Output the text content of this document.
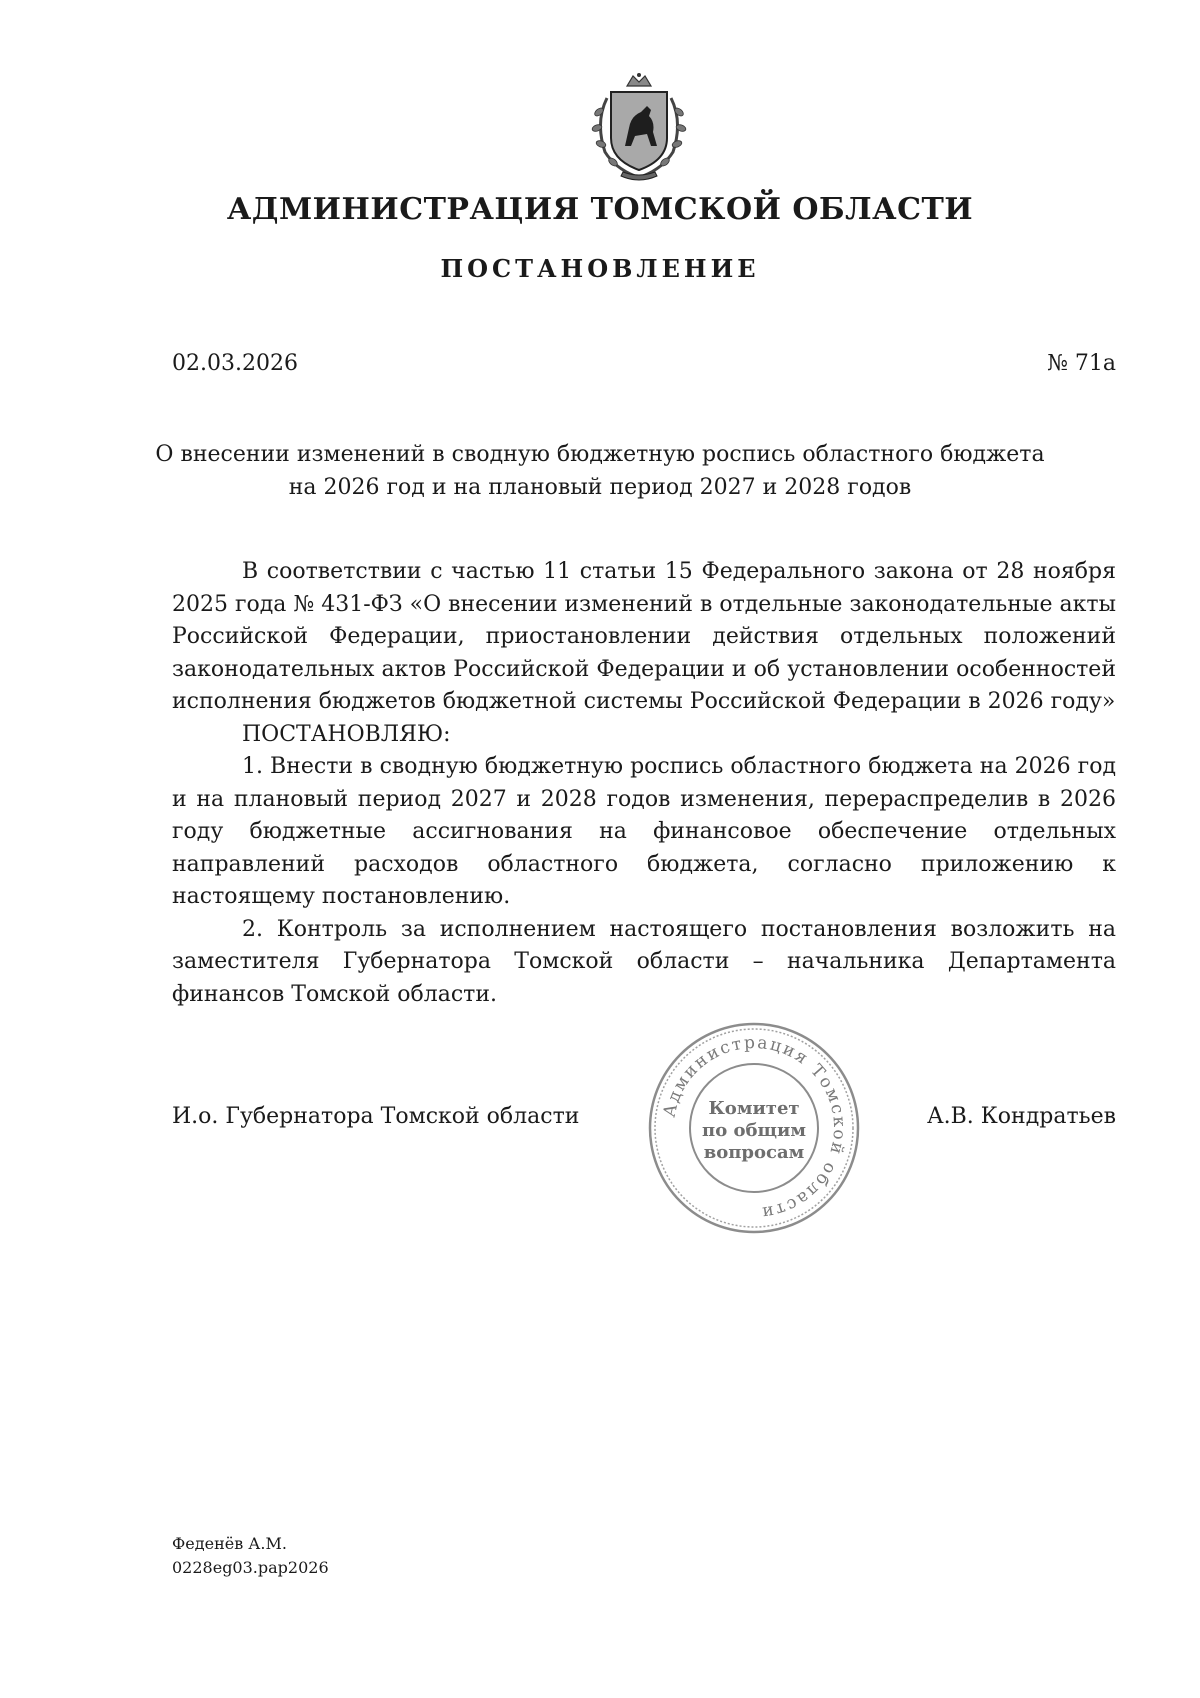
АДМИНИСТРАЦИЯ ТОМСКОЙ ОБЛАСТИ
ПОСТАНОВЛЕНИЕ
02.03.2026	№ 71а
О внесении изменений в сводную бюджетную роспись областного бюджета
на 2026 год и на плановый период 2027 и 2028 годов

В соответствии с частью 11 статьи 15 Федерального закона от 28 ноября 2025 года № 431-ФЗ «О внесении изменений в отдельные законодательные акты Российской Федерации, приостановлении действия отдельных положений законодательных актов Российской Федерации и об установлении особенностей исполнения бюджетов бюджетной системы Российской Федерации в 2026 году»

ПОСТАНОВЛЯЮ:

1. Внести в сводную бюджетную роспись областного бюджета на 2026 год и на плановый период 2027 и 2028 годов изменения, перераспределив в 2026 году бюджетные ассигнования на финансовое обеспечение отдельных направлений расходов областного бюджета, согласно приложению к настоящему постановлению.

2. Контроль за исполнением настоящего постановления возложить на заместителя Губернатора Томской области – начальника Департамента финансов Томской области.

И.о. Губернатора Томской области	А.В. Кондратьев
Администрация Томской области
Комитет
по общим
вопросам
Феденёв А.М.
0228eg03.pap2026
